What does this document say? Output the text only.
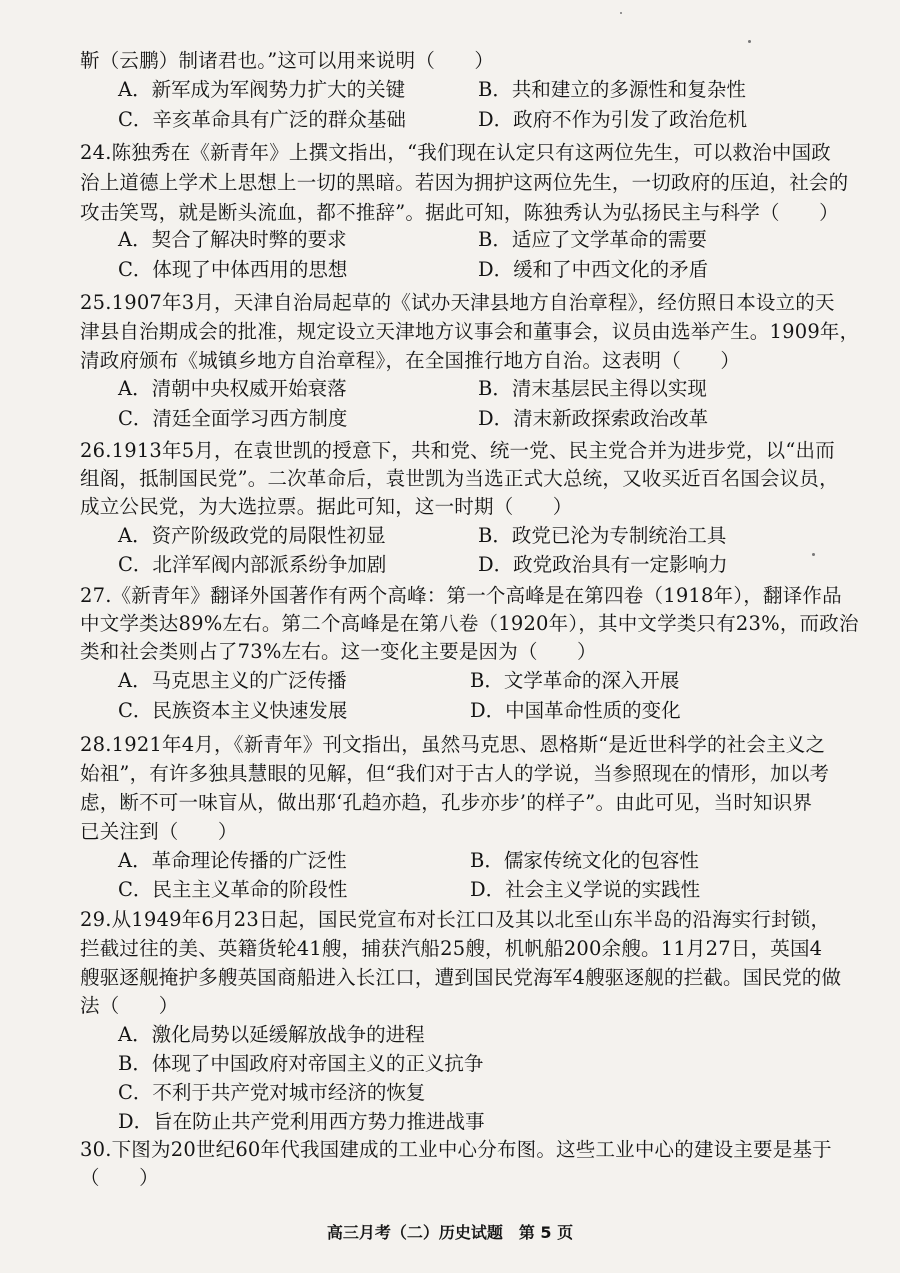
靳（云鹏）制诸君也。”这可以用来说明（　　）
A．新军成为军阀势力扩大的关键	B．共和建立的多源性和复杂性
C．辛亥革命具有广泛的群众基础	D．政府不作为引发了政治危机
24.陈独秀在《新青年》上撰文指出，“我们现在认定只有这两位先生，可以救治中国政
治上道德上学术上思想上一切的黑暗。若因为拥护这两位先生，一切政府的压迫，社会的
攻击笑骂，就是断头流血，都不推辞”。据此可知，陈独秀认为弘扬民主与科学（　　）
A．契合了解决时弊的要求	B．适应了文学革命的需要
C．体现了中体西用的思想	D．缓和了中西文化的矛盾
25.1907年3月，天津自治局起草的《试办天津县地方自治章程》，经仿照日本设立的天
津县自治期成会的批准，规定设立天津地方议事会和董事会，议员由选举产生。1909年，
清政府颁布《城镇乡地方自治章程》，在全国推行地方自治。这表明（　　）
A．清朝中央权威开始衰落	B．清末基层民主得以实现
C．清廷全面学习西方制度	D．清末新政探索政治改革
26.1913年5月，在袁世凯的授意下，共和党、统一党、民主党合并为进步党，以“出而
组阁，抵制国民党”。二次革命后，袁世凯为当选正式大总统，又收买近百名国会议员，
成立公民党，为大选拉票。据此可知，这一时期（　　）
A．资产阶级政党的局限性初显	B．政党已沦为专制统治工具
C．北洋军阀内部派系纷争加剧	D．政党政治具有一定影响力
27.《新青年》翻译外国著作有两个高峰：第一个高峰是在第四卷（1918年），翻译作品
中文学类达89%左右。第二个高峰是在第八卷（1920年），其中文学类只有23%，而政治
类和社会类则占了73%左右。这一变化主要是因为（　　）
A．马克思主义的广泛传播	B．文学革命的深入开展
C．民族资本主义快速发展	D．中国革命性质的变化
28.1921年4月，《新青年》刊文指出，虽然马克思、恩格斯“是近世科学的社会主义之
始祖”，有许多独具慧眼的见解，但“我们对于古人的学说，当参照现在的情形，加以考
虑，断不可一味盲从，做出那‘孔趋亦趋，孔步亦步’的样子”。由此可见，当时知识界
已关注到（　　）
A．革命理论传播的广泛性	B．儒家传统文化的包容性
C．民主主义革命的阶段性	D．社会主义学说的实践性
29.从1949年6月23日起，国民党宣布对长江口及其以北至山东半岛的沿海实行封锁，
拦截过往的美、英籍货轮41艘，捕获汽船25艘，机帆船200余艘。11月27日，英国4
艘驱逐舰掩护多艘英国商船进入长江口，遭到国民党海军4艘驱逐舰的拦截。国民党的做
法（　　）
A．激化局势以延缓解放战争的进程
B．体现了中国政府对帝国主义的正义抗争
C．不利于共产党对城市经济的恢复
D．旨在防止共产党利用西方势力推进战事
30.下图为20世纪60年代我国建成的工业中心分布图。这些工业中心的建设主要是基于
（　　）
高三月考（二）历史试题　第 5 页
